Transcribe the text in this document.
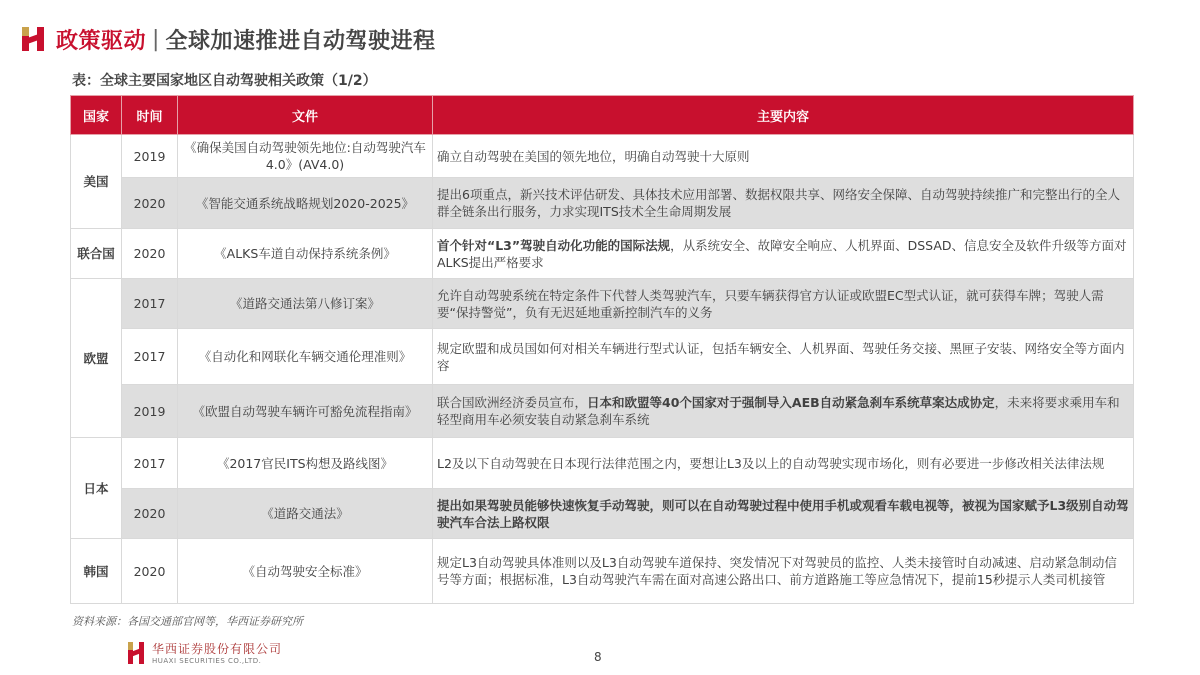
政策驱动 | 全球加速推进自动驾驶进程
表：全球主要国家地区自动驾驶相关政策（1/2）
国家	时间	文件	主要内容
美国	2019	《确保美国自动驾驶领先地位:自动驾驶汽车4.0》(AV4.0)	确立自动驾驶在美国的领先地位，明确自动驾驶十大原则
	2020	《智能交通系统战略规划2020-2025》	提出6项重点，新兴技术评估研发、具体技术应用部署、数据权限共享、网络安全保障、自动驾驶持续推广和完整出行的全人群全链条出行服务，力求实现ITS技术全生命周期发展
联合国	2020	《ALKS车道自动保持系统条例》	首个针对“L3”驾驶自动化功能的国际法规，从系统安全、故障安全响应、人机界面、DSSAD、信息安全及软件升级等方面对ALKS提出严格要求
欧盟	2017	《道路交通法第八修订案》	允许自动驾驶系统在特定条件下代替人类驾驶汽车，只要车辆获得官方认证或欧盟EC型式认证，就可获得车牌；驾驶人需要“保持警觉”，负有无迟延地重新控制汽车的义务
	2017	《自动化和网联化车辆交通伦理准则》	规定欧盟和成员国如何对相关车辆进行型式认证，包括车辆安全、人机界面、驾驶任务交接、黑匣子安装、网络安全等方面内容
	2019	《欧盟自动驾驶车辆许可豁免流程指南》	联合国欧洲经济委员宣布，日本和欧盟等40个国家对于强制导入AEB自动紧急刹车系统草案达成协定，未来将要求乘用车和轻型商用车必须安装自动紧急刹车系统
日本	2017	《2017官民ITS构想及路线图》	L2及以下自动驾驶在日本现行法律范围之内，要想让L3及以上的自动驾驶实现市场化，则有必要进一步修改相关法律法规
	2020	《道路交通法》	提出如果驾驶员能够快速恢复手动驾驶，则可以在自动驾驶过程中使用手机或观看车载电视等，被视为国家赋予L3级别自动驾驶汽车合法上路权限
韩国	2020	《自动驾驶安全标准》	规定L3自动驾驶具体准则以及L3自动驾驶车道保持、突发情况下对驾驶员的监控、人类未接管时自动减速、启动紧急制动信号等方面；根据标准，L3自动驾驶汽车需在面对高速公路出口、前方道路施工等应急情况下，提前15秒提示人类司机接管
资料来源：各国交通部官网等，华西证券研究所
华西证券股份有限公司
HUAXI SECURITIES CO.,LTD.	8
